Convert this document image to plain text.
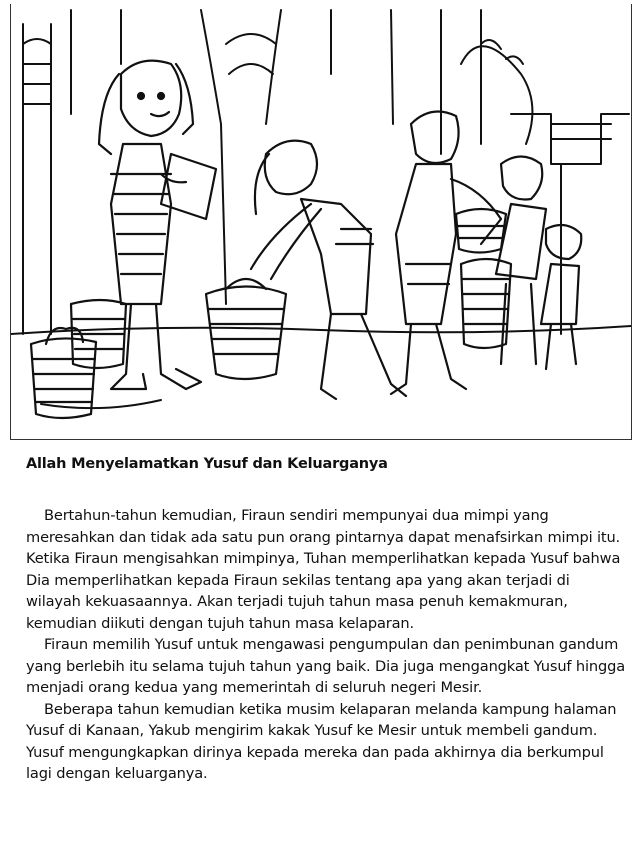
Allah Menyelamatkan Yusuf dan Keluarganya

Bertahun-tahun kemudian, Firaun sendiri mempunyai dua mimpi yang meresahkan dan tidak ada satu pun orang pintarnya dapat menafsirkan mimpi itu. Ketika Firaun mengisahkan mimpinya, Tuhan memperlihatkan kepada Yusuf bahwa Dia memperlihatkan kepada Firaun sekilas tentang apa yang akan terjadi di wilayah kekuasaannya. Akan terjadi tujuh tahun masa penuh kemakmuran, kemudian diikuti dengan tujuh tahun masa kelaparan.

Firaun memilih Yusuf untuk mengawasi pengumpulan dan penimbunan gandum yang berlebih itu selama tujuh tahun yang baik. Dia juga mengangkat Yusuf hingga menjadi orang kedua yang memerintah di seluruh negeri Mesir.

Beberapa tahun kemudian ketika musim kelaparan melanda kampung halaman Yusuf di Kanaan, Yakub mengirim kakak Yusuf ke Mesir untuk membeli gandum. Yusuf mengungkapkan dirinya kepada mereka dan pada akhirnya dia berkumpul lagi dengan keluarganya.
